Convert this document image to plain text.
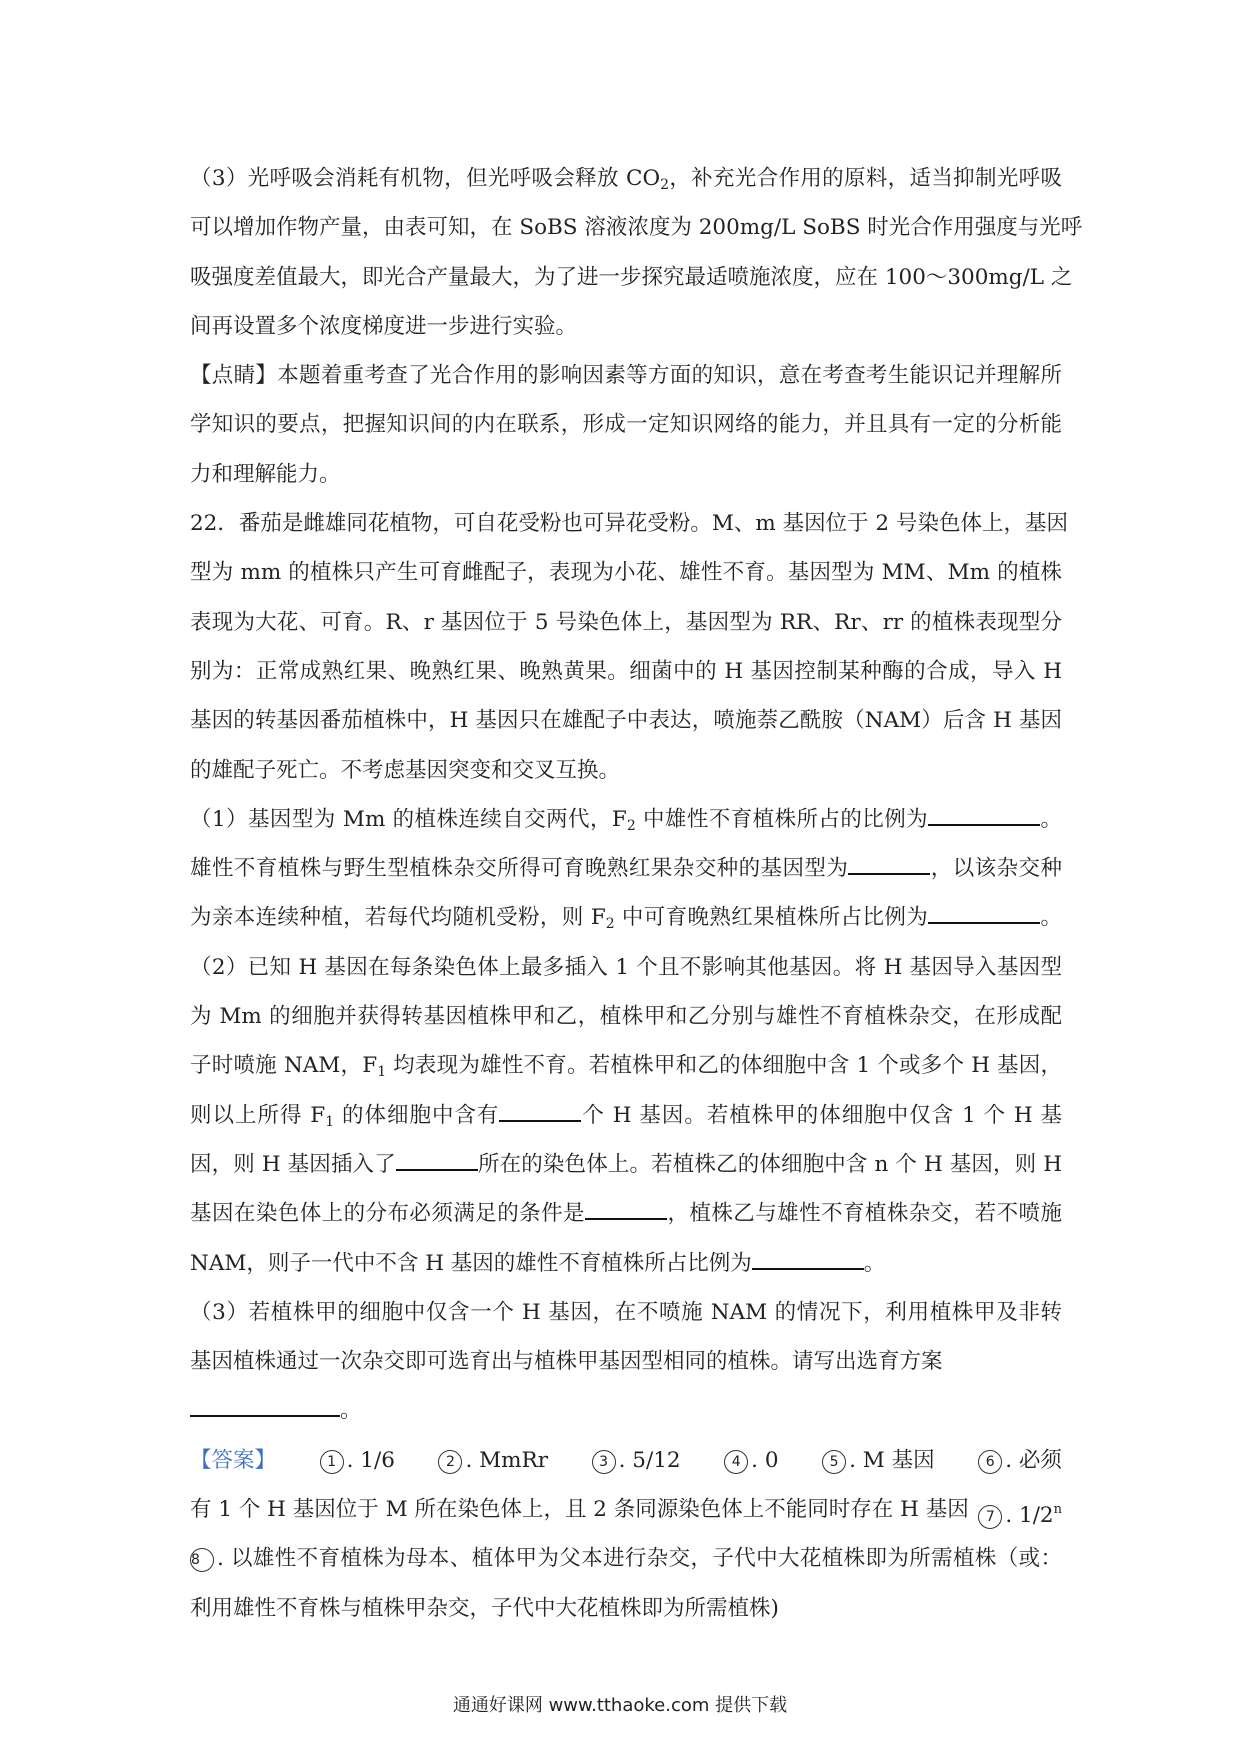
（3）光呼吸会消耗有机物，但光呼吸会释放 $CO_2$，补充光合作用的原料，适当抑制光呼吸
可以增加作物产量，由表可知，在 SoBS 溶液浓度为 200mg/L SoBS 时光合作用强度与光呼
吸强度差值最大，即光合产量最大，为了进一步探究最适喷施浓度，应在 100～300mg/L 之
间再设置多个浓度梯度进一步进行实验。
【点睛】本题着重考查了光合作用的影响因素等方面的知识，意在考查考生能识记并理解所
学知识的要点，把握知识间的内在联系，形成一定知识网络的能力，并且具有一定的分析能
力和理解能力。
22．番茄是雌雄同花植物，可自花受粉也可异花受粉。M、m 基因位于 2 号染色体上，基因
型为 mm 的植株只产生可育雌配子，表现为小花、雄性不育。基因型为 MM、Mm 的植株
表现为大花、可育。R、r 基因位于 5 号染色体上，基因型为 RR、Rr、rr 的植株表现型分
别为：正常成熟红果、晚熟红果、晚熟黄果。细菌中的 H 基因控制某种酶的合成，导入 H
基因的转基因番茄植株中，H 基因只在雄配子中表达，喷施萘乙酰胺（NAM）后含 H 基因
的雄配子死亡。不考虑基因突变和交叉互换。
（1）基因型为 Mm 的植株连续自交两代，$F_2$ 中雄性不育植株所占的比例为	。
雄性不育植株与野生型植株杂交所得可育晚熟红果杂交种的基因型为	，以该杂交种
为亲本连续种植，若每代均随机受粉，则 $F_2$ 中可育晚熟红果植株所占比例为	。
（2）已知 H 基因在每条染色体上最多插入 1 个且不影响其他基因。将 H 基因导入基因型
为 Mm 的细胞并获得转基因植株甲和乙，植株甲和乙分别与雄性不育植株杂交，在形成配
子时喷施 NAM，$F_1$ 均表现为雄性不育。若植株甲和乙的体细胞中含 1 个或多个 H 基因，
则以上所得 $F_1$ 的体细胞中含有	个 H 基因。若植株甲的体细胞中仅含 1 个 H 基
因，则 H 基因插入了	所在的染色体上。若植株乙的体细胞中含 n 个 H 基因，则 H
基因在染色体上的分布必须满足的条件是	，植株乙与雄性不育植株杂交，若不喷施
NAM，则子一代中不含 H 基因的雄性不育植株所占比例为	。
（3）若植株甲的细胞中仅含一个 H 基因，在不喷施 NAM 的情况下，利用植株甲及非转
基因植株通过一次杂交即可选育出与植株甲基因型相同的植株。请写出选育方案
。
【答案】	1 . 1/6	2 . MmRr	3 . 5/12	4 . 0	5 . M 基因	6 . 必须
有 1 个 H 基因位于 M 所在染色体上，且 2 条同源染色体上不能同时存在 H 基因	7 . 1/2$^n$
8 . 以雄性不育植株为母本、植体甲为父本进行杂交，子代中大花植株即为所需植株（或：
利用雄性不育株与植株甲杂交，子代中大花植株即为所需植株)
通通好课网 www.tthaoke.com 提供下载
